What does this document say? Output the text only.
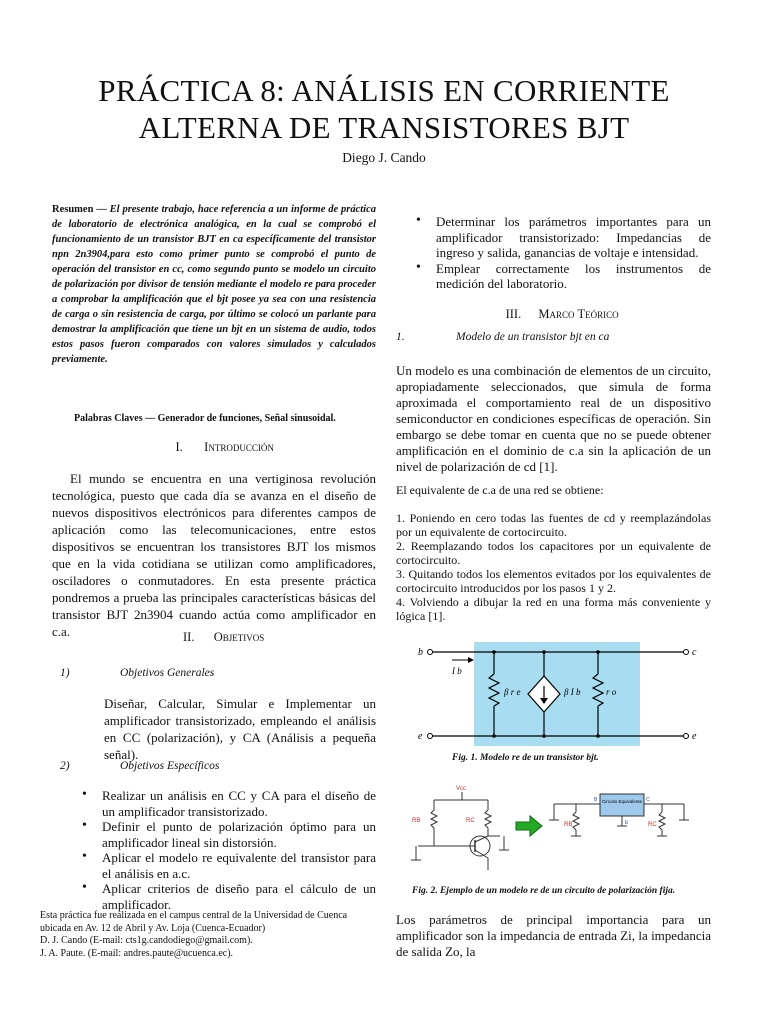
PRÁCTICA 8: ANÁLISIS EN CORRIENTE
ALTERNA DE TRANSISTORES BJT
Diego J. Cando
Resumen — El presente trabajo, hace referencia a un informe de práctica de laboratorio de electrónica analógica, en la cual se comprobó el funcionamiento de un transistor BJT en ca específicamente del transistor npn 2n3904,para esto como primer punto se comprobó el punto de operación del transistor en cc, como segundo punto se modelo un circuito de polarización por divisor de tensión mediante el modelo re para proceder a comprobar la amplificación que el bjt posee ya sea con una resistencia de carga o sin resistencia de carga, por último se colocó un parlante para demostrar la amplificación que tiene un bjt en un sistema de audio, todos estos pasos fueron comparados con valores simulados y calculados previamente.
Palabras Claves — Generador de funciones, Señal sinusoidal.
I. Introducción
El mundo se encuentra en una vertiginosa revolución tecnológica, puesto que cada día se avanza en el diseño de nuevos dispositivos electrónicos para diferentes campos de aplicación como las telecomunicaciones, entre estos dispositivos se encuentran los transistores BJT los mismos que en la vida cotidiana se utilizan como amplificadores, osciladores o conmutadores. En esta presente práctica pondremos a prueba las principales características básicas del transistor BJT 2n3904 cuando actúa como amplificador en c.a.	II. Objetivos
1)	Objetivos Generales
Diseñar, Calcular, Simular e Implementar un amplificador transistorizado, empleando el análisis en CC (polarización), y CA (Análisis a pequeña señal).
2)	Objetivos Específicos
• Realizar un análisis en CC y CA para el diseño de un amplificador transistorizado.
• Definir el punto de polarización óptimo para un amplificador lineal sin distorsión.
• Aplicar el modelo re equivalente del transistor para el análisis en a.c.
• Aplicar criterios de diseño para el cálculo de un amplificador.
Esta práctica fue realizada en el campus central de la Universidad de Cuenca ubicada en Av. 12 de Abril y Av. Loja (Cuenca-Ecuador)
D. J. Cando (E-mail: cts1g.candodiego@gmail.com).
J. A. Paute. (E-mail: andres.paute@ucuenca.ec).
• Determinar los parámetros importantes para un amplificador transistorizado: Impedancias de ingreso y salida, ganancias de voltaje e intensidad.
• Emplear correctamente los instrumentos de medición del laboratorio.
III. Marco Teórico
1.	Modelo de un transistor bjt en ca
Un modelo es una combinación de elementos de un circuito, apropiadamente seleccionados, que simula de forma aproximada el comportamiento real de un dispositivo semiconductor en condiciones específicas de operación. Sin embargo se debe tomar en cuenta que no se puede obtener amplificación en el dominio de c.a sin la aplicación de un nivel de polarización de cd [1].
El equivalente de c.a de una red se obtiene:
1. Poniendo en cero todas las fuentes de cd y reemplazándolas por un equivalente de cortocircuito.
2. Reemplazando todos los capacitores por un equivalente de cortocircuito.
3. Quitando todos los elementos evitados por los equivalentes de cortocircuito introducidos por los pasos 1 y 2.
4. Volviendo a dibujar la red en una forma más conveniente y lógica [1].
b	c
e	e
I b
β r e	β I b	r o
Fig. 1. Modelo re de un transistor bjt.
Vcc
RB	RC
Circuito Equivalente
RB	RC
B	C
E
Fig. 2. Ejemplo de un modelo re de un circuito de polarización fija.
Los parámetros de principal importancia para un amplificador son la impedancia de entrada Zi, la impedancia de salida Zo, la
